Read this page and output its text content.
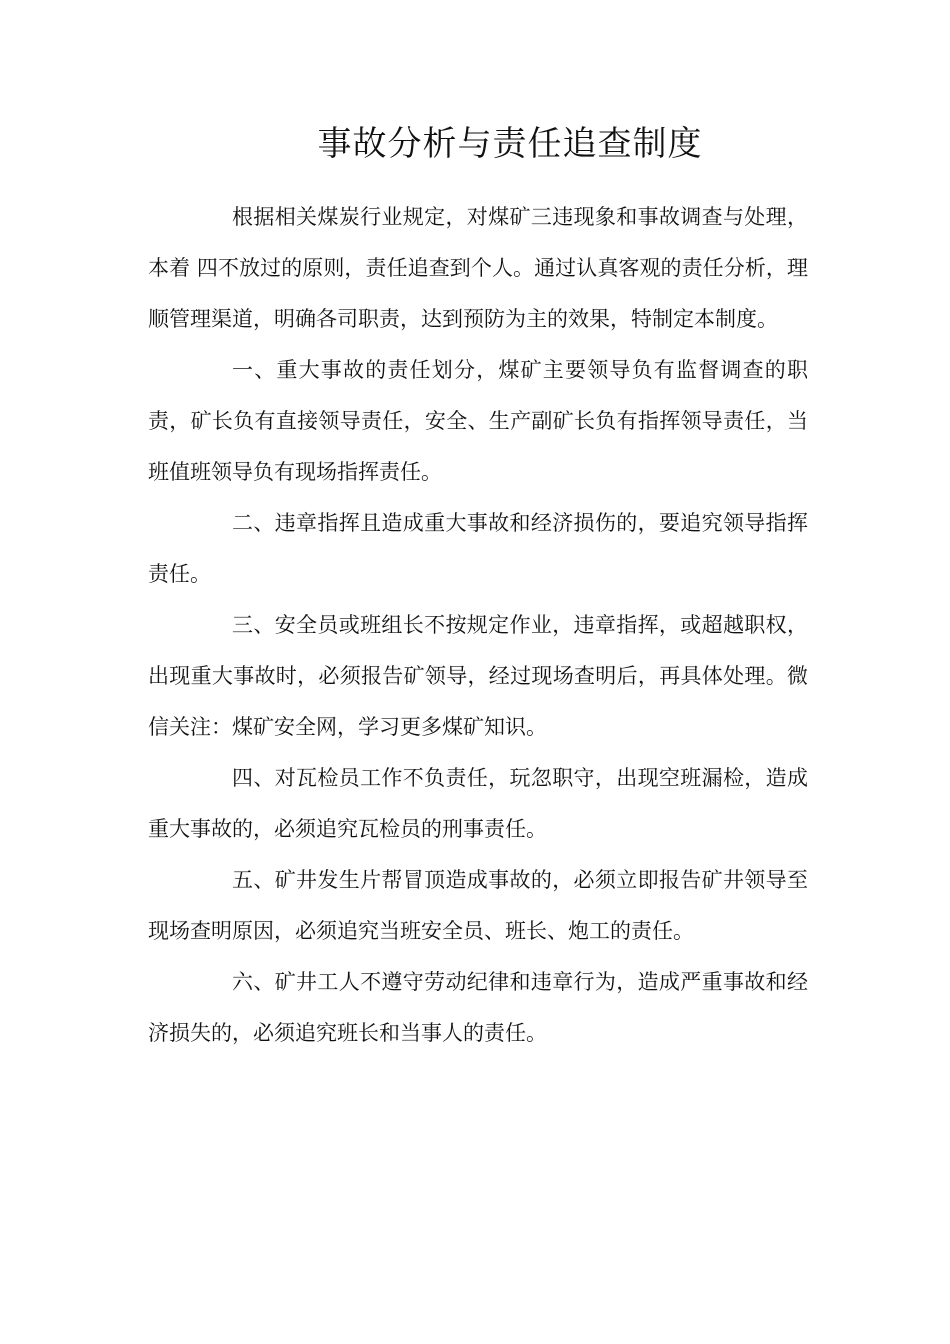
事故分析与责任追查制度

根据相关煤炭行业规定，对煤矿三违现象和事故调查与处理，本着 四不放过的原则，责任追查到个人。通过认真客观的责任分析，理顺管理渠道，明确各司职责，达到预防为主的效果，特制定本制度。

一、重大事故的责任划分，煤矿主要领导负有监督调查的职责，矿长负有直接领导责任，安全、生产副矿长负有指挥领导责任，当班值班领导负有现场指挥责任。

二、违章指挥且造成重大事故和经济损伤的，要追究领导指挥责任。

三、安全员或班组长不按规定作业，违章指挥，或超越职权，出现重大事故时，必须报告矿领导，经过现场查明后，再具体处理。微信关注：煤矿安全网，学习更多煤矿知识。

四、对瓦检员工作不负责任，玩忽职守，出现空班漏检，造成重大事故的，必须追究瓦检员的刑事责任。

五、矿井发生片帮冒顶造成事故的，必须立即报告矿井领导至现场查明原因，必须追究当班安全员、班长、炮工的责任。

六、矿井工人不遵守劳动纪律和违章行为，造成严重事故和经济损失的，必须追究班长和当事人的责任。
